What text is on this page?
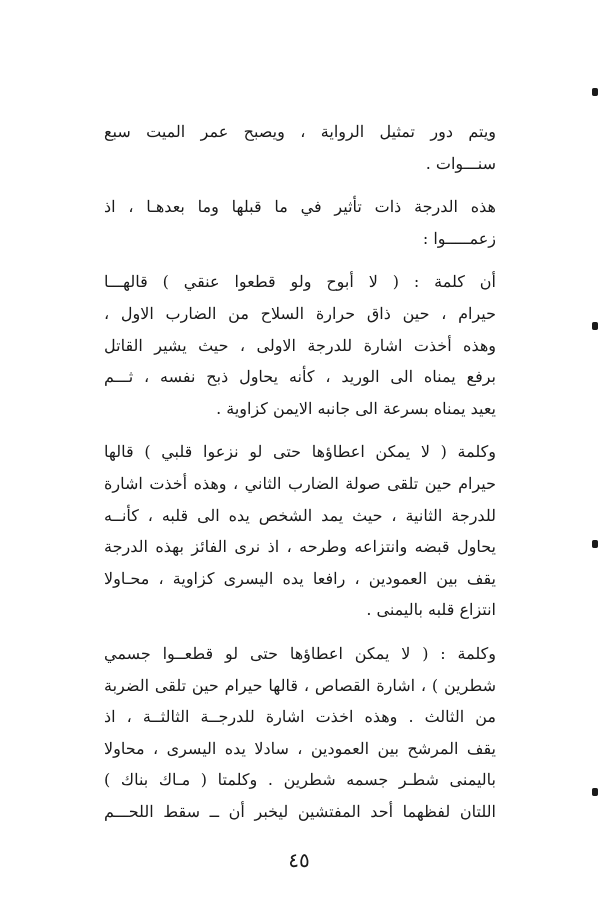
ويتم دور تمثيل الرواية ، ويصبح عمر الميت سبع
سنـــوات .
هذه الدرجة ذات تأثير في ما قبلها وما بعدهـا ، اذ
زعمـــــوا :
أن كلمة : ( لا أبوح ولو قطعوا عنقي ) قالهـــا
حيرام ، حين ذاق حرارة السلاح من الضارب الاول ،
وهذه أخذت اشارة للدرجة الاولى ، حيث يشير القاتل
برفع يمناه الى الوريد ، كأنه يحاول ذبح نفسه ، ثـــم
يعيد يمناه بسرعة الى جانبه الايمن كزاوية .
وكلمة ( لا يمكن اعطاؤها حتى لو نزعوا قلبي ) قالها
حيرام حين تلقى صولة الضارب الثاني ، وهذه أخذت اشارة
للدرجة الثانية ، حيث يمد الشخص يده الى قلبه ، كأنــه
يحاول قبضه وانتزاعه وطرحه ، اذ نرى الفائز بهذه الدرجة
يقف بين العمودين ، رافعا يده اليسرى كزاوية ، محـاولا
انتزاع قلبه باليمنى .
وكلمة : ( لا يمكن اعطاؤها حتى لو قطعــوا جسمي
شطرين ) ، اشارة القصاص ، قالها حيرام حين تلقى الضربة
من الثالث . وهذه اخذت اشارة للدرجــة الثالثــة ، اذ
يقف المرشح بين العمودين ، سادلا يده اليسرى ، محاولا
باليمنى شطـر جسمه شطرين . وكلمتا ( مـاك بناك )
اللتان لفظهما أحد المفتشين ليخبر أن ــ سقط اللحـــم
٤٥
